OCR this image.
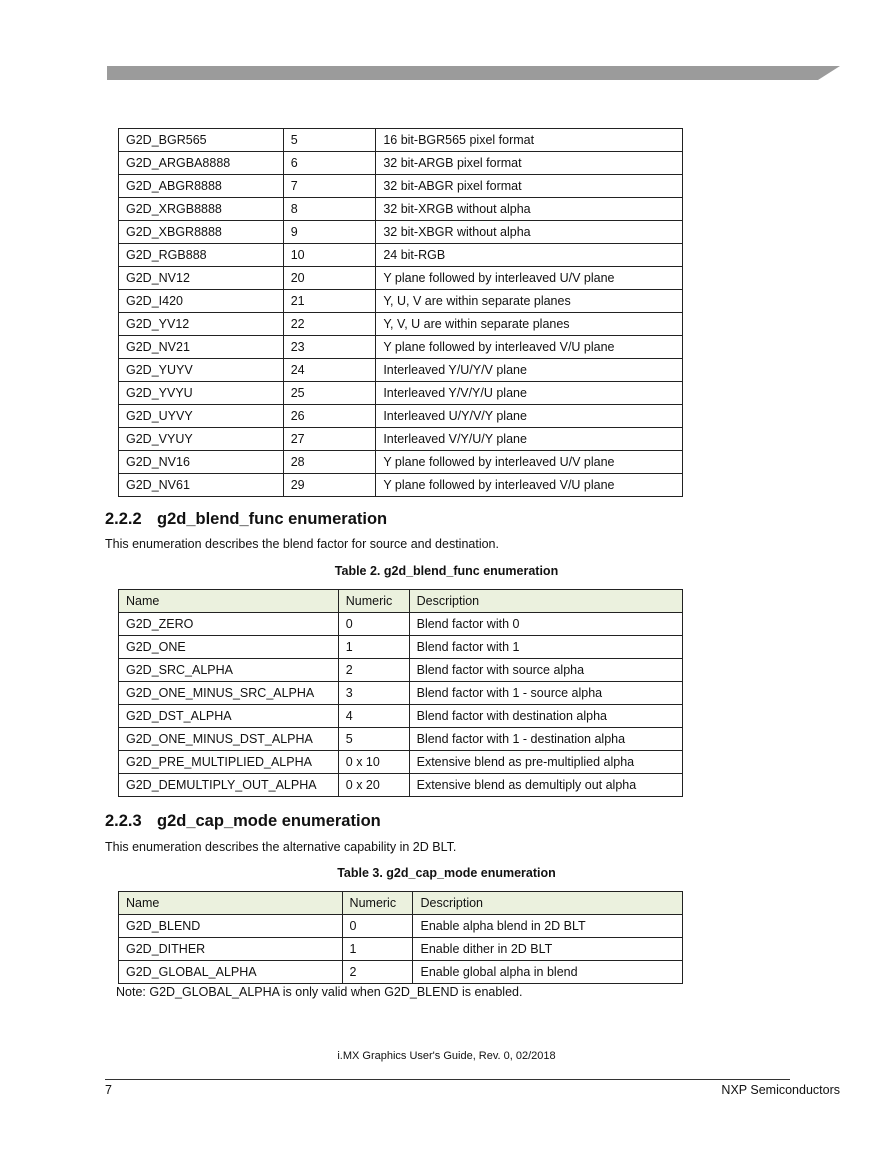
G2D_BGR565	5	16 bit-BGR565 pixel format
G2D_ARGBA8888	6	32 bit-ARGB pixel format
G2D_ABGR8888	7	32 bit-ABGR pixel format
G2D_XRGB8888	8	32 bit-XRGB without alpha
G2D_XBGR8888	9	32 bit-XBGR without alpha
G2D_RGB888	10	24 bit-RGB
G2D_NV12	20	Y plane followed by interleaved U/V plane
G2D_I420	21	Y, U, V are within separate planes
G2D_YV12	22	Y, V, U are within separate planes
G2D_NV21	23	Y plane followed by interleaved V/U plane
G2D_YUYV	24	Interleaved Y/U/Y/V plane
G2D_YVYU	25	Interleaved Y/V/Y/U plane
G2D_UYVY	26	Interleaved U/Y/V/Y plane
G2D_VYUY	27	Interleaved V/Y/U/Y plane
G2D_NV16	28	Y plane followed by interleaved U/V plane
G2D_NV61	29	Y plane followed by interleaved V/U plane
2.2.2 g2d_blend_func enumeration

This enumeration describes the blend factor for source and destination.

Table 2. g2d_blend_func enumeration

Name	Numeric	Description
G2D_ZERO	0	Blend factor with 0
G2D_ONE	1	Blend factor with 1
G2D_SRC_ALPHA	2	Blend factor with source alpha
G2D_ONE_MINUS_SRC_ALPHA	3	Blend factor with 1 - source alpha
G2D_DST_ALPHA	4	Blend factor with destination alpha
G2D_ONE_MINUS_DST_ALPHA	5	Blend factor with 1 - destination alpha
G2D_PRE_MULTIPLIED_ALPHA	0 x 10	Extensive blend as pre-multiplied alpha
G2D_DEMULTIPLY_OUT_ALPHA	0 x 20	Extensive blend as demultiply out alpha
2.2.3 g2d_cap_mode enumeration

This enumeration describes the alternative capability in 2D BLT.

Table 3. g2d_cap_mode enumeration

Name	Numeric	Description
G2D_BLEND	0	Enable alpha blend in 2D BLT
G2D_DITHER	1	Enable dither in 2D BLT
G2D_GLOBAL_ALPHA	2	Enable global alpha in blend

Note: G2D_GLOBAL_ALPHA is only valid when G2D_BLEND is enabled.

i.MX Graphics User's Guide, Rev. 0, 02/2018
7	NXP Semiconductors
